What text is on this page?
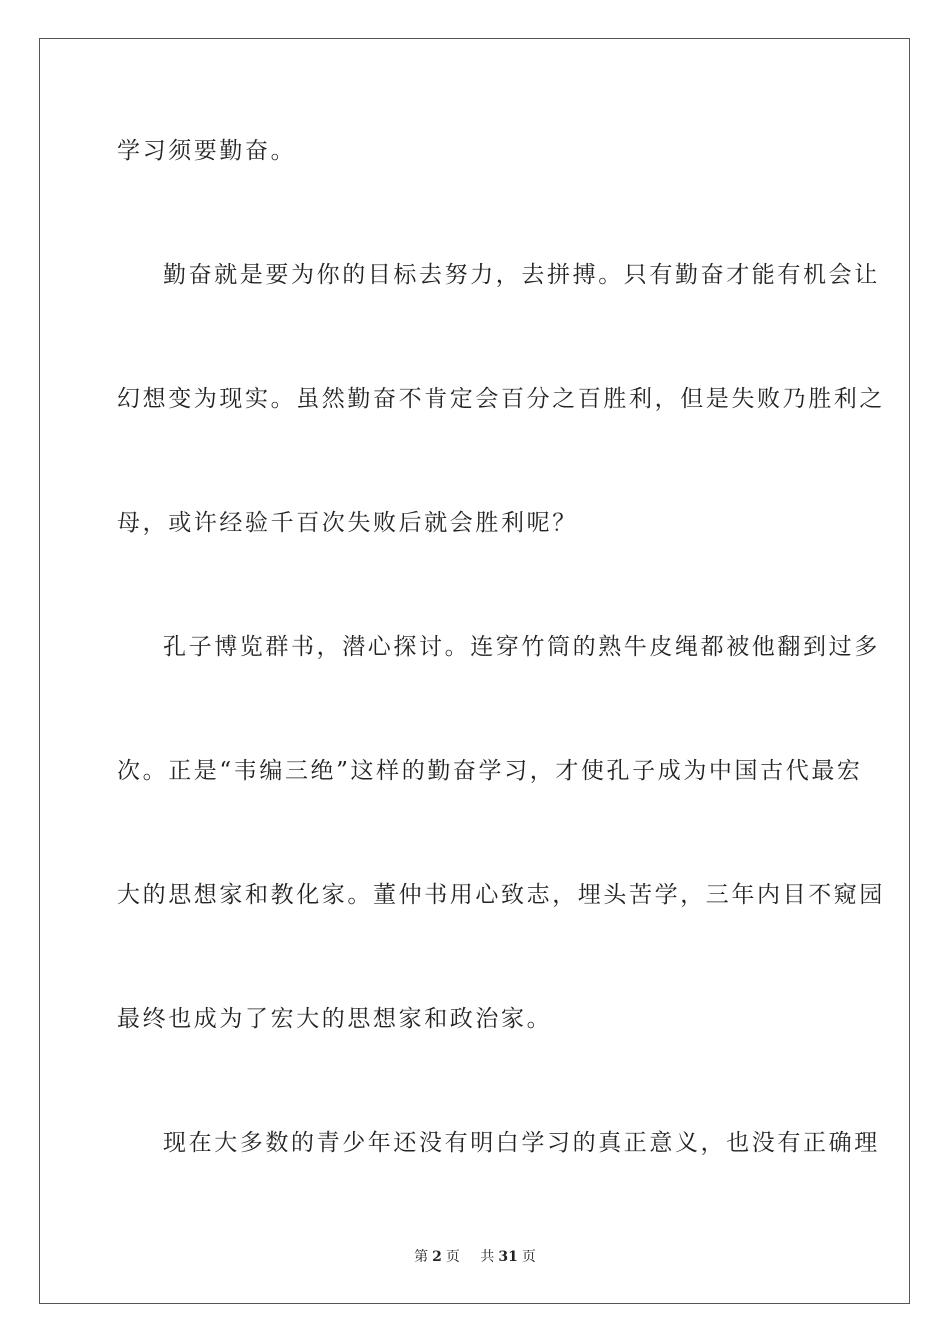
学习须要勤奋。
勤奋就是要为你的目标去努力，去拼搏。只有勤奋才能有机会让
幻想变为现实。虽然勤奋不肯定会百分之百胜利，但是失败乃胜利之
母，或许经验千百次失败后就会胜利呢？
孔子博览群书，潜心探讨。连穿竹筒的熟牛皮绳都被他翻到过多
次。正是“韦编三绝”这样的勤奋学习，才使孔子成为中国古代最宏
大的思想家和教化家。董仲书用心致志，埋头苦学，三年内目不窥园
最终也成为了宏大的思想家和政治家。
现在大多数的青少年还没有明白学习的真正意义，也没有正确理
第 2 页 共 31 页
